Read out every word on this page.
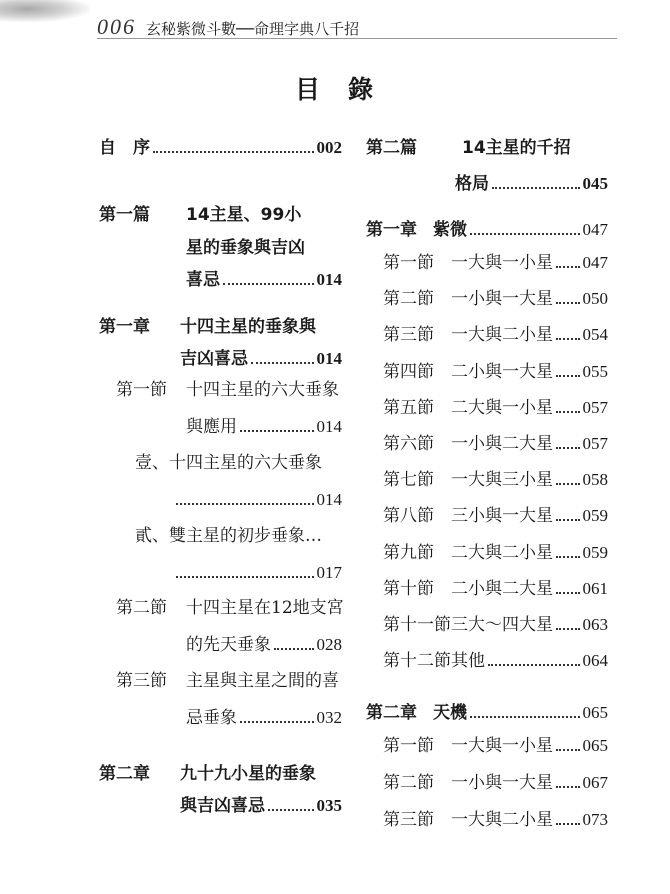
006 玄秘紫微斗數──命理字典八千招
目 錄
自　序	002
第一篇 14主星、99小
星的垂象與吉凶
喜忌	014
第一章 十四主星的垂象與
吉凶喜忌	014
第一節 十四主星的六大垂象
與應用	014
壹、十四主星的六大垂象
014
貳、雙主星的初步垂象…
017
第二節 十四主星在12地支宮
的先天垂象	028
第三節 主星與主星之間的喜
忌垂象	032
第二章 九十九小星的垂象
與吉凶喜忌	035
第二篇	14主星的千招
格局	045
第一章 紫微	047
第一節	一大與一小星 047
第二節	一小與一大星 050
第三節	一大與二小星 054
第四節	二小與一大星 055
第五節	二大與一小星 057
第六節	一小與二大星 057
第七節	一大與三小星 058
第八節	三小與一大星 059
第九節	二大與二小星 059
第十節	二小與二大星 061
第十一節 三大～四大星 063
第十二節 其他	064
第二章 天機	065
第一節	一大與一小星 065
第二節	一小與一大星 067
第三節	一大與二小星 073
